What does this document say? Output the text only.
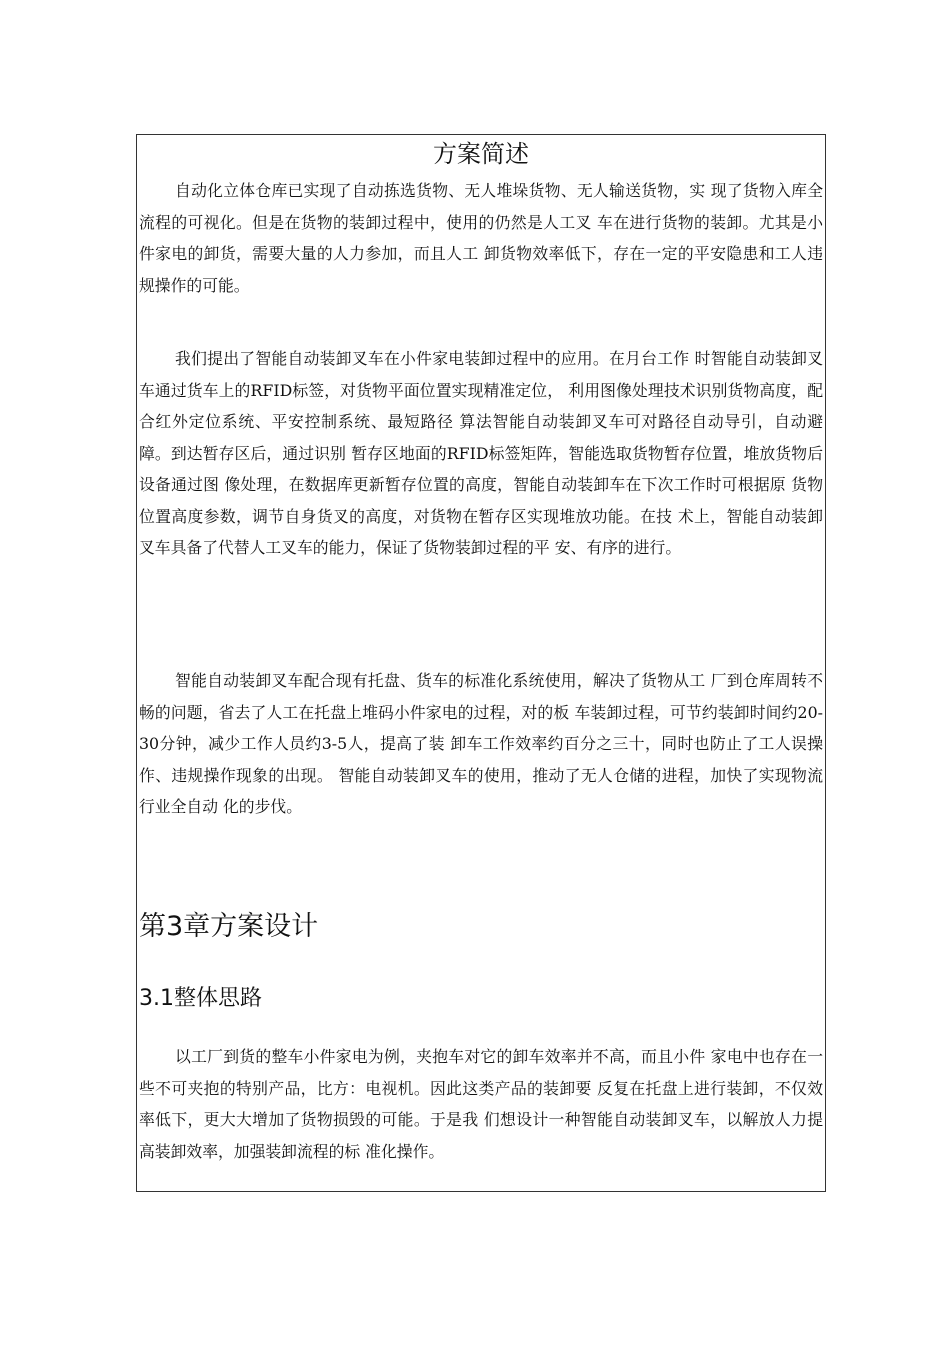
方案简述

自动化立体仓库已实现了自动拣选货物、无人堆垛货物、无人输送货物，实 现了货物入库全流程的可视化。但是在货物的装卸过程中，使用的仍然是人工叉 车在进行货物的装卸。尤其是小件家电的卸货，需要大量的人力参加，而且人工 卸货物效率低下，存在一定的平安隐患和工人违规操作的可能。

我们提出了智能自动装卸叉车在小件家电装卸过程中的应用。在月台工作 时智能自动装卸叉车通过货车上的RFID标签，对货物平面位置实现精准定位， 利用图像处理技术识别货物高度，配合红外定位系统、平安控制系统、最短路径 算法智能自动装卸叉车可对路径自动导引，自动避障。到达暂存区后，通过识别 暂存区地面的RFID标签矩阵，智能选取货物暂存位置，堆放货物后设备通过图 像处理，在数据库更新暂存位置的高度，智能自动装卸车在下次工作时可根据原 货物位置高度参数，调节自身货叉的高度，对货物在暂存区实现堆放功能。在技 术上，智能自动装卸叉车具备了代替人工叉车的能力，保证了货物装卸过程的平 安、有序的进行。

智能自动装卸叉车配合现有托盘、货车的标准化系统使用，解决了货物从工 厂到仓库周转不畅的问题，省去了人工在托盘上堆码小件家电的过程，对的板 车装卸过程，可节约装卸时间约20-30分钟，减少工作人员约3-5人，提高了装 卸车工作效率约百分之三十，同时也防止了工人误操作、违规操作现象的出现。 智能自动装卸叉车的使用，推动了无人仓储的进程，加快了实现物流行业全自动 化的步伐。

第3章方案设计
3.1整体思路

以工厂到货的整车小件家电为例，夹抱车对它的卸车效率并不高，而且小件 家电中也存在一些不可夹抱的特别产品，比方：电视机。因此这类产品的装卸要 反复在托盘上进行装卸，不仅效率低下，更大大增加了货物损毁的可能。于是我 们想设计一种智能自动装卸叉车，以解放人力提高装卸效率，加强装卸流程的标 准化操作。
